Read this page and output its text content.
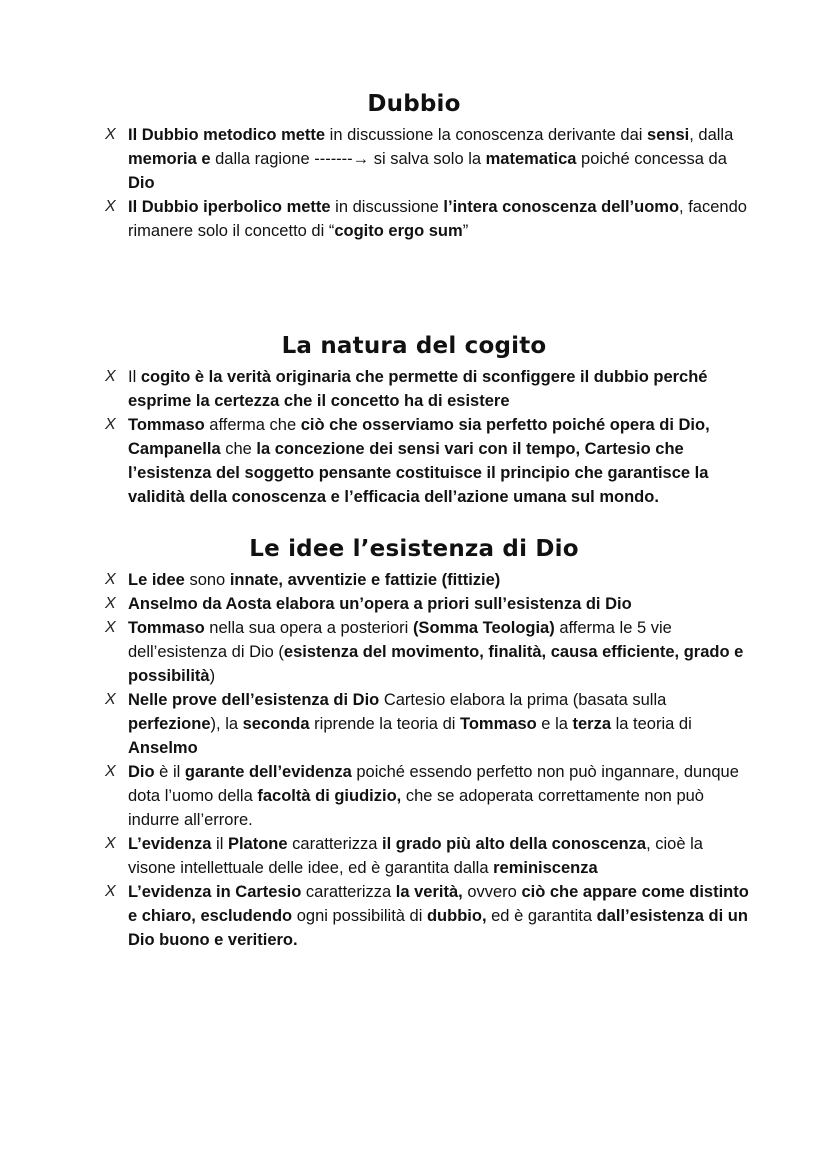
Dubbio
X Il Dubbio metodico mette in discussione la conoscenza derivante dai sensi, dalla memoria e dalla ragione -------→ si salva solo la matematica poiché concessa da Dio
X Il Dubbio iperbolico mette in discussione l’intera conoscenza dell’uomo, facendo rimanere solo il concetto di “cogito ergo sum”
La natura del cogito
X Il cogito è la verità originaria che permette di sconfiggere il dubbio perché esprime la certezza che il concetto ha di esistere
X Tommaso afferma che ciò che osserviamo sia perfetto poiché opera di Dio, Campanella che la concezione dei sensi vari con il tempo, Cartesio che l’esistenza del soggetto pensante costituisce il principio che garantisce la validità della conoscenza e l’efficacia dell’azione umana sul mondo.
Le idee l’esistenza di Dio
X Le idee sono innate, avventizie e fattizie (fittizie)
X Anselmo da Aosta elabora un’opera a priori sull’esistenza di Dio
X Tommaso nella sua opera a posteriori (Somma Teologia) afferma le 5 vie dell’esistenza di Dio (esistenza del movimento, finalità, causa efficiente, grado e possibilità)
X Nelle prove dell’esistenza di Dio Cartesio elabora la prima (basata sulla perfezione), la seconda riprende la teoria di Tommaso e la terza la teoria di Anselmo
X Dio è il garante dell’evidenza poiché essendo perfetto non può ingannare, dunque dota l’uomo della facoltà di giudizio, che se adoperata correttamente non può indurre all’errore.
X L’evidenza il Platone caratterizza il grado più alto della conoscenza, cioè la visone intellettuale delle idee, ed è garantita dalla reminiscenza
X L’evidenza in Cartesio caratterizza la verità, ovvero ciò che appare come distinto e chiaro, escludendo ogni possibilità di dubbio, ed è garantita dall’esistenza di un Dio buono e veritiero.
